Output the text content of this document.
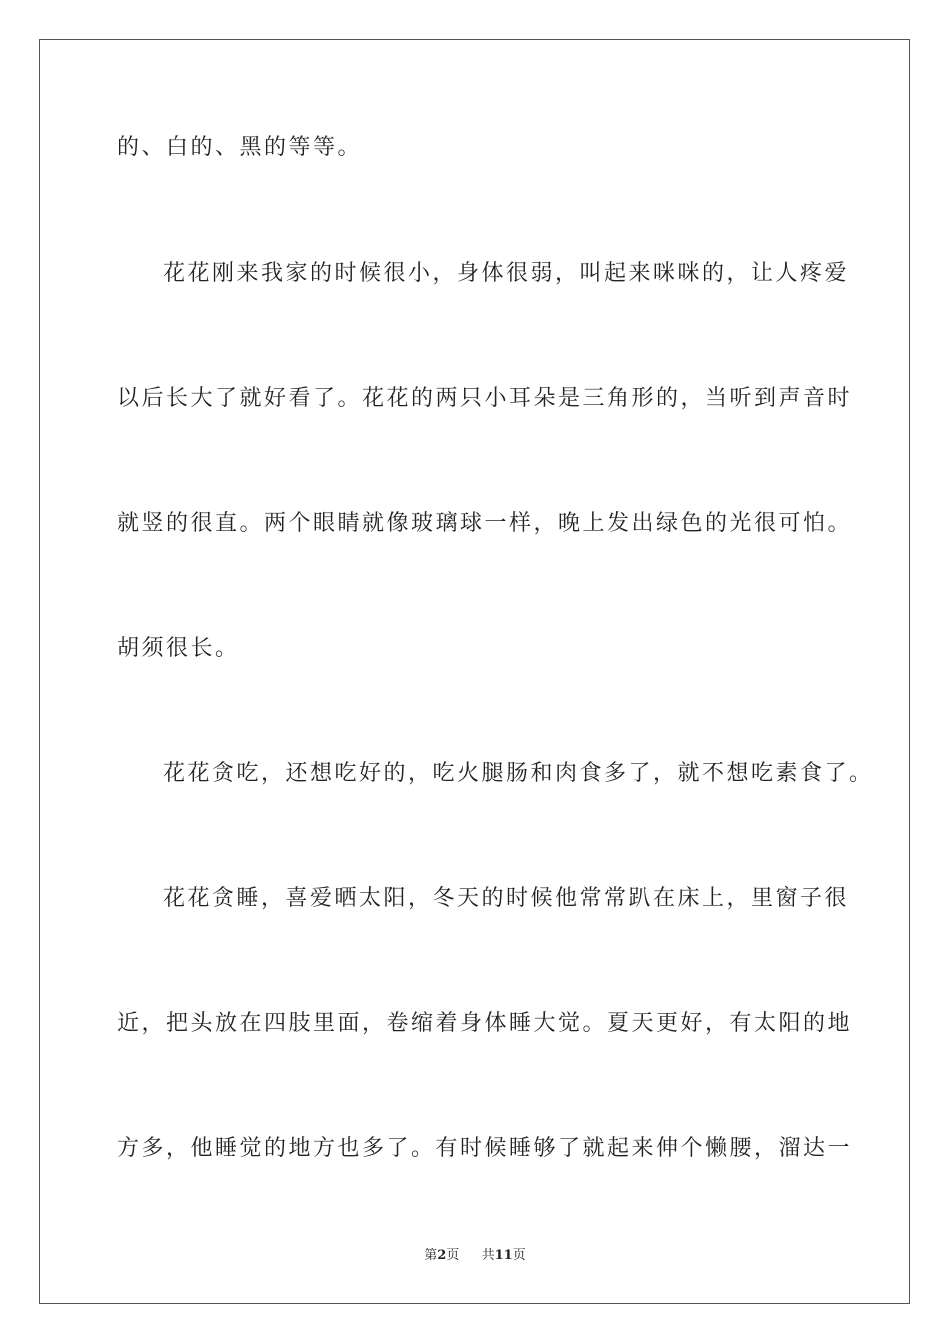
的、白的、黑的等等。
花花刚来我家的时候很小，身体很弱，叫起来咪咪的，让人疼爱
以后长大了就好看了。花花的两只小耳朵是三角形的，当听到声音时
就竖的很直。两个眼睛就像玻璃球一样，晚上发出绿色的光很可怕。
胡须很长。
花花贪吃，还想吃好的，吃火腿肠和肉食多了，就不想吃素食了。
花花贪睡，喜爱晒太阳，冬天的时候他常常趴在床上，里窗子很
近，把头放在四肢里面，卷缩着身体睡大觉。夏天更好，有太阳的地
方多，他睡觉的地方也多了。有时候睡够了就起来伸个懒腰，溜达一
第2页 共11页
